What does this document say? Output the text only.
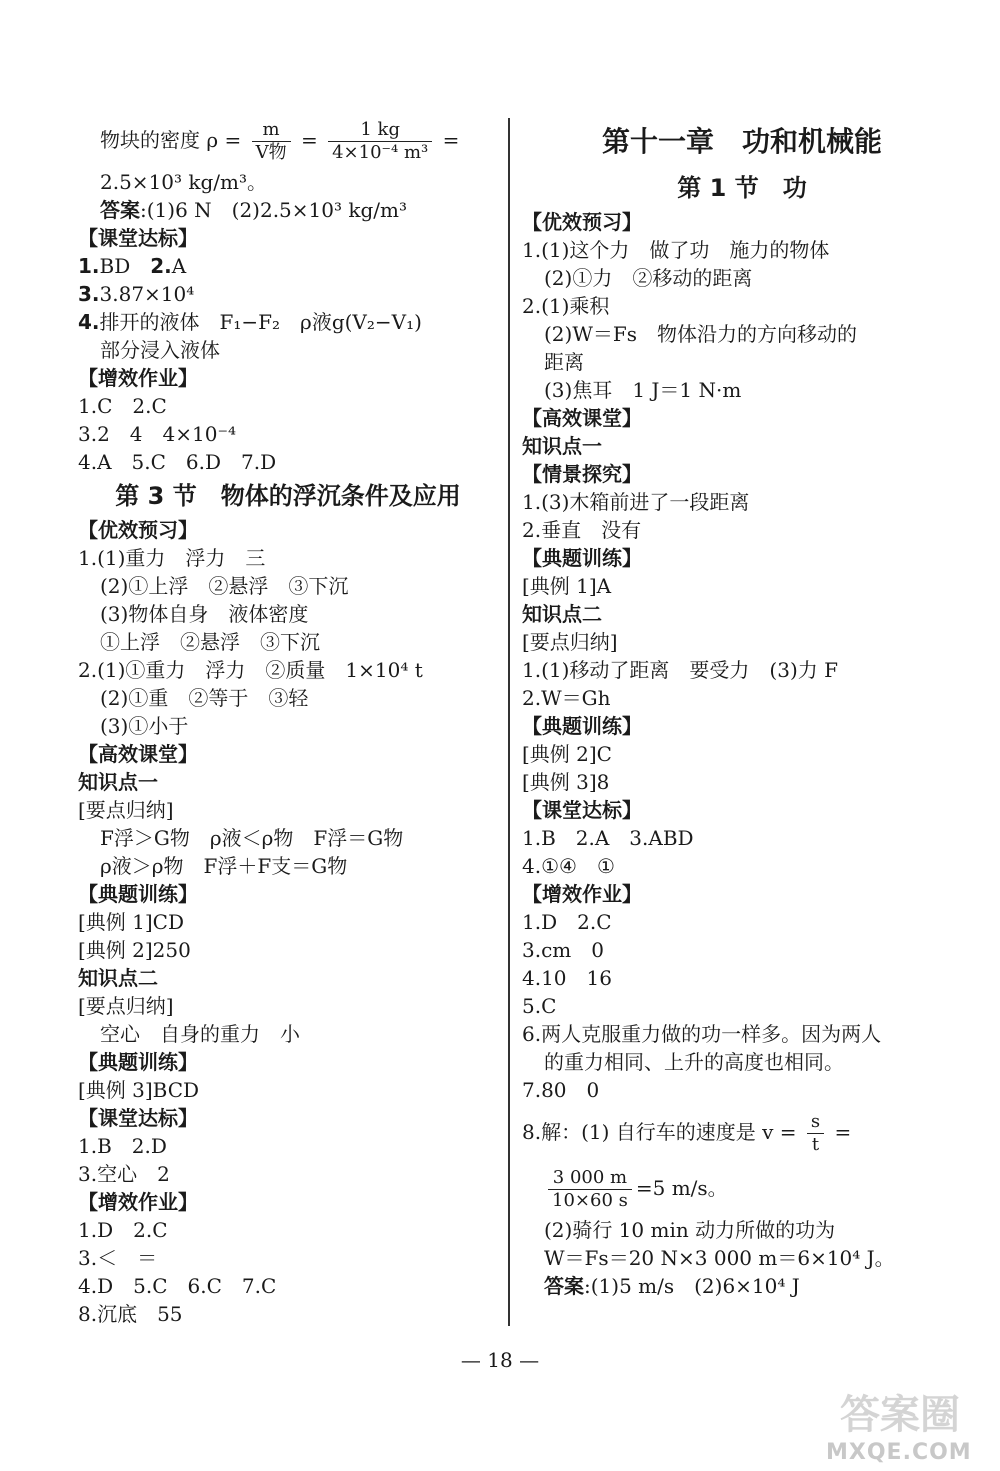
物块的密度 $\rho = \frac{m}{\text{V物}} = \frac{1 kg}{\text{4×10⁻⁴ m³}}$ =
2.5×10³ kg/m³。
答案:(1)6 N　(2)2.5×10³ kg/m³
【课堂达标】
1.BD　2.A
3.3.87×10⁴
4.排开的液体　F₁−F₂　ρ液g(V₂−V₁)
部分浸入液体
【增效作业】
1.C　2.C
3.2　4　4×10⁻⁴
4.A　5.C　6.D　7.D
第 3 节　物体的浮沉条件及应用
【优效预习】
1.(1)重力　浮力　三
(2)①上浮　②悬浮　③下沉
(3)物体自身　液体密度
①上浮　②悬浮　③下沉
2.(1)①重力　浮力　②质量　1×10⁴ t
(2)①重　②等于　③轻
(3)①小于
【高效课堂】
知识点一
[要点归纳]
F浮＞G物　ρ液＜ρ物　F浮＝G物
ρ液＞ρ物　F浮＋F支＝G物
【典题训练】
[典例 1]CD
[典例 2]250
知识点二
[要点归纳]
空心　自身的重力　小
【典题训练】
[典例 3]BCD
【课堂达标】
1.B　2.D
3.空心　2
【增效作业】
1.D　2.C
3.＜　＝
4.D　5.C　6.C　7.C
8.沉底　55
第十一章　功和机械能
第 1 节　功
【优效预习】
1.(1)这个力　做了功　施力的物体
(2)①力　②移动的距离
2.(1)乘积
(2)W＝Fs　物体沿力的方向移动的
距离
(3)焦耳　1 J＝1 N·m
【高效课堂】
知识点一
【情景探究】
1.(3)木箱前进了一段距离
2.垂直　没有
【典题训练】
[典例 1]A
知识点二
[要点归纳]
1.(1)移动了距离　要受力　(3)力 F
2.W＝Gh
【典题训练】
[典例 2]C
[典例 3]8
【课堂达标】
1.B　2.A　3.ABD
4.①④　①
【增效作业】
1.D　2.C
3.cm　0
4.10　16
5.C
6.两人克服重力做的功一样多。因为两人
的重力相同、上升的高度也相同。
7.80　0
8.解：(1) 自行车的速度是 $v = \frac{s}{t}$ =
$\frac{3 000 m}{10\times 60 s} =5$ m/s。
(2)骑行 10 min 动力所做的功为
W＝Fs＝20 N×3 000 m＝6×10⁴ J。
答案:(1)5 m/s　(2)6×10⁴ J
— 18 —
答案圈
MXQE.COM
